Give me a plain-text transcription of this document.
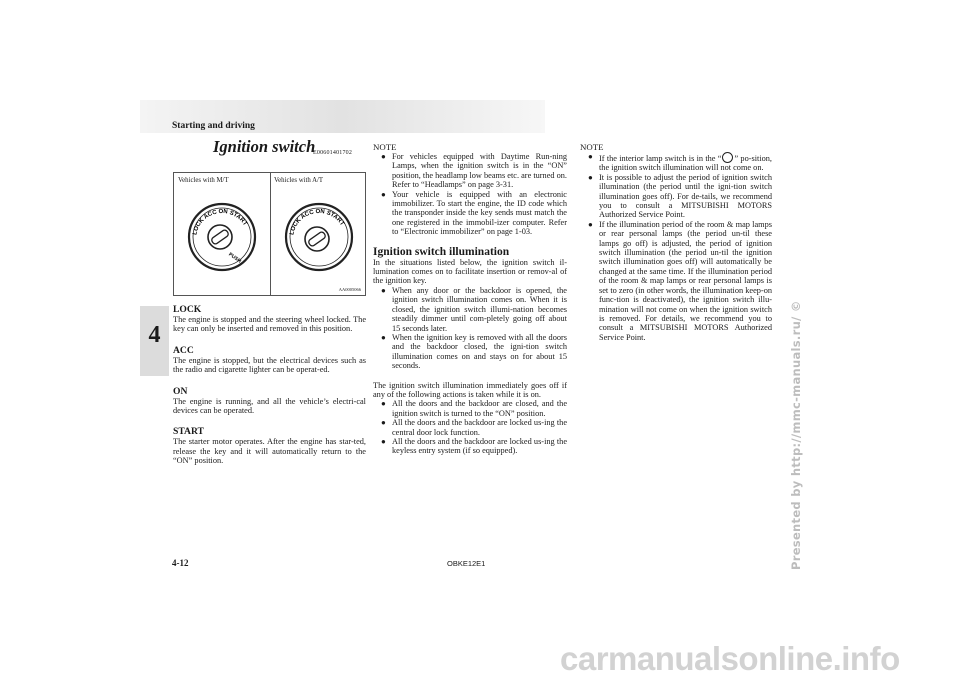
Starting and driving
4
Ignition switch
E00601401702
Vehicles with M/T	Vehicles with A/T
LOCK ACC ON START
PUSH
LOCK ACC ON START
AA0005066
LOCK
The engine is stopped and the steering wheel locked. The key can only be inserted and removed in this position.
ACC
The engine is stopped, but the electrical devices such as the radio and cigarette lighter can be operat-ed.
ON
The engine is running, and all the vehicle’s electri-cal devices can be operated.
START
The starter motor operates. After the engine has star-ted, release the key and it will automatically return to the “ON” position.
NOTE
● For vehicles equipped with Daytime Run-ning Lamps, when the ignition switch is in the “ON” position, the headlamp low beams etc. are turned on. Refer to “Headlamps” on page 3-31.
● Your vehicle is equipped with an electronic immobilizer. To start the engine, the ID code which the transponder inside the key sends must match the one registered in the immobil-izer computer. Refer to “Electronic immobilizer” on page 1-03.
Ignition switch illumination
In the situations listed below, the ignition switch il-lumination comes on to facilitate insertion or remov-al of the ignition key.
● When any door or the backdoor is opened, the ignition switch illumination comes on. When it is closed, the ignition switch illumi-nation becomes steadily dimmer until com-pletely going off about 15 seconds later.
● When the ignition key is removed with all the doors and the backdoor closed, the igni-tion switch illumination comes on and stays on for about 15 seconds.
The ignition switch illumination immediately goes off if any of the following actions is taken while it is on.
● All the doors and the backdoor are closed, and the ignition switch is turned to the “ON” position.
● All the doors and the backdoor are locked us-ing the central door lock function.
● All the doors and the backdoor are locked us-ing the keyless entry system (if so equipped).
NOTE
● If the interior lamp switch is in the “ ” po-sition, the ignition switch illumination will not come on.
● It is possible to adjust the period of ignition switch illumination (the period until the igni-tion switch illumination goes off). For de-tails, we recommend you to consult a MITSUBISHI MOTORS Authorized Service Point.
● If the illumination period of the room & map lamps or rear personal lamps (the period un-til these lamps go off) is adjusted, the period of ignition switch illumination (the period un-til the ignition switch illumination goes off) will automatically be changed at the same time. If the illumination period of the room & map lamps or rear personal lamps is set to zero (in other words, the illumination keep-on func-tion is deactivated), the ignition switch illu-mination will not come on when the ignition switch is removed. For details, we recommend you to consult a MITSUBISHI MOTORS Authorized Service Point.
4-12	OBKE12E1	Presented by http://mmc-manuals.ru/ ©
carmanualsonline.info
